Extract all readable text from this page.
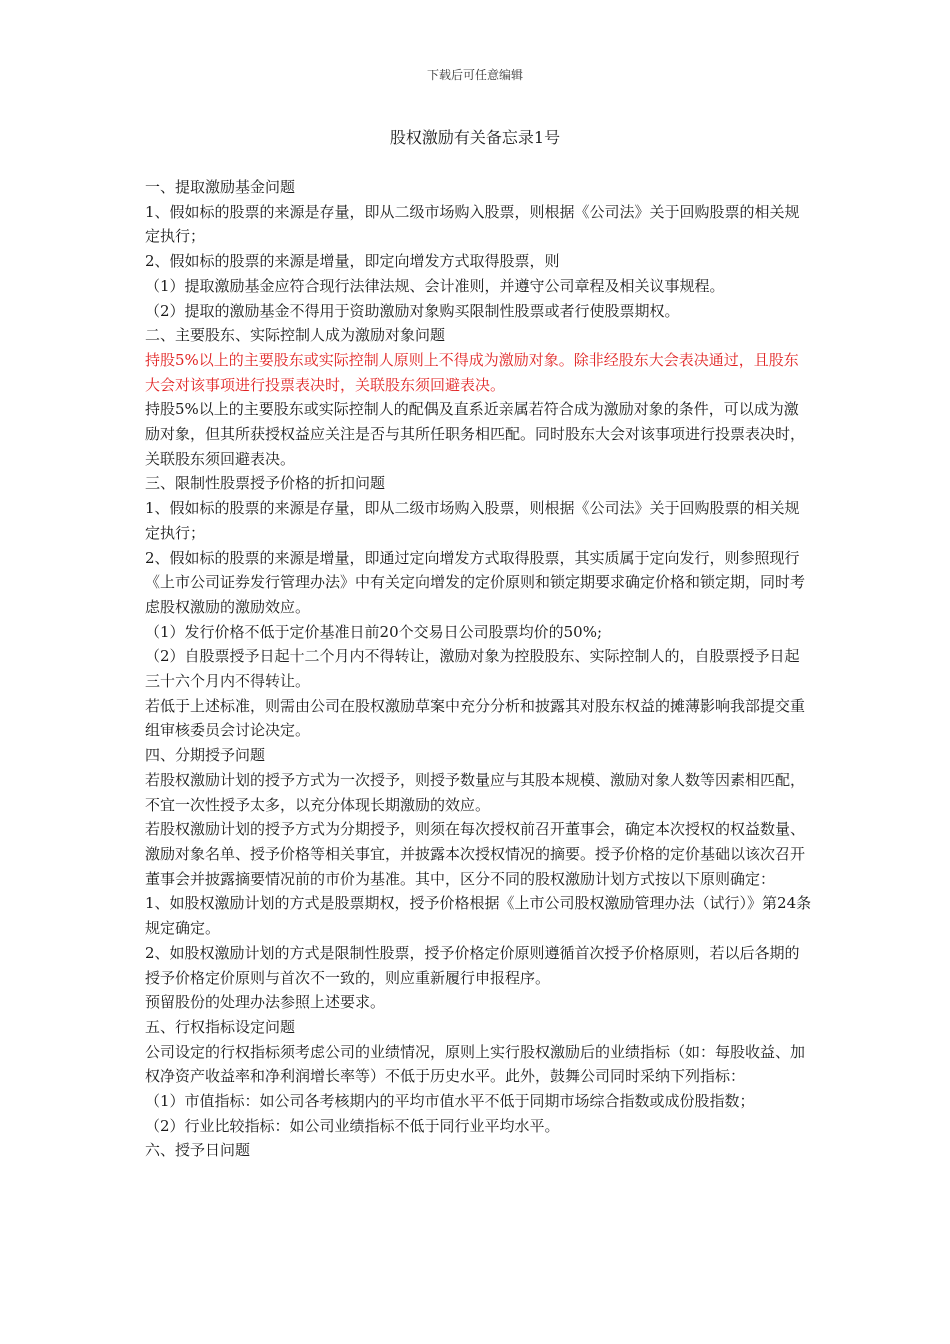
下载后可任意编辑
股权激励有关备忘录1号

一、提取激励基金问题

1、假如标的股票的来源是存量，即从二级市场购入股票，则根据《公司法》关于回购股票的相关规定执行；

2、假如标的股票的来源是增量，即定向增发方式取得股票，则

（1）提取激励基金应符合现行法律法规、会计准则，并遵守公司章程及相关议事规程。

（2）提取的激励基金不得用于资助激励对象购买限制性股票或者行使股票期权。

二、主要股东、实际控制人成为激励对象问题

持股5%以上的主要股东或实际控制人原则上不得成为激励对象。除非经股东大会表决通过，且股东大会对该事项进行投票表决时，关联股东须回避表决。

持股5%以上的主要股东或实际控制人的配偶及直系近亲属若符合成为激励对象的条件，可以成为激励对象，但其所获授权益应关注是否与其所任职务相匹配。同时股东大会对该事项进行投票表决时，关联股东须回避表决。

三、限制性股票授予价格的折扣问题

1、假如标的股票的来源是存量，即从二级市场购入股票，则根据《公司法》关于回购股票的相关规定执行；

2、假如标的股票的来源是增量，即通过定向增发方式取得股票，其实质属于定向发行，则参照现行《上市公司证券发行管理办法》中有关定向增发的定价原则和锁定期要求确定价格和锁定期，同时考虑股权激励的激励效应。

（1）发行价格不低于定价基准日前20个交易日公司股票均价的50%;

（2）自股票授予日起十二个月内不得转让，激励对象为控股股东、实际控制人的，自股票授予日起三十六个月内不得转让。

若低于上述标准，则需由公司在股权激励草案中充分分析和披露其对股东权益的摊薄影响我部提交重组审核委员会讨论决定。

四、分期授予问题

若股权激励计划的授予方式为一次授予，则授予数量应与其股本规模、激励对象人数等因素相匹配，不宜一次性授予太多，以充分体现长期激励的效应。

若股权激励计划的授予方式为分期授予，则须在每次授权前召开董事会，确定本次授权的权益数量、激励对象名单、授予价格等相关事宜，并披露本次授权情况的摘要。授予价格的定价基础以该次召开董事会并披露摘要情况前的市价为基准。其中，区分不同的股权激励计划方式按以下原则确定：

1、如股权激励计划的方式是股票期权，授予价格根据《上市公司股权激励管理办法（试行）》第24条规定确定。

2、如股权激励计划的方式是限制性股票，授予价格定价原则遵循首次授予价格原则，若以后各期的授予价格定价原则与首次不一致的，则应重新履行申报程序。

预留股份的处理办法参照上述要求。

五、行权指标设定问题

公司设定的行权指标须考虑公司的业绩情况，原则上实行股权激励后的业绩指标（如：每股收益、加权净资产收益率和净利润增长率等）不低于历史水平。此外，鼓舞公司同时采纳下列指标：

（1）市值指标：如公司各考核期内的平均市值水平不低于同期市场综合指数或成份股指数；

（2）行业比较指标：如公司业绩指标不低于同行业平均水平。

六、授予日问题
